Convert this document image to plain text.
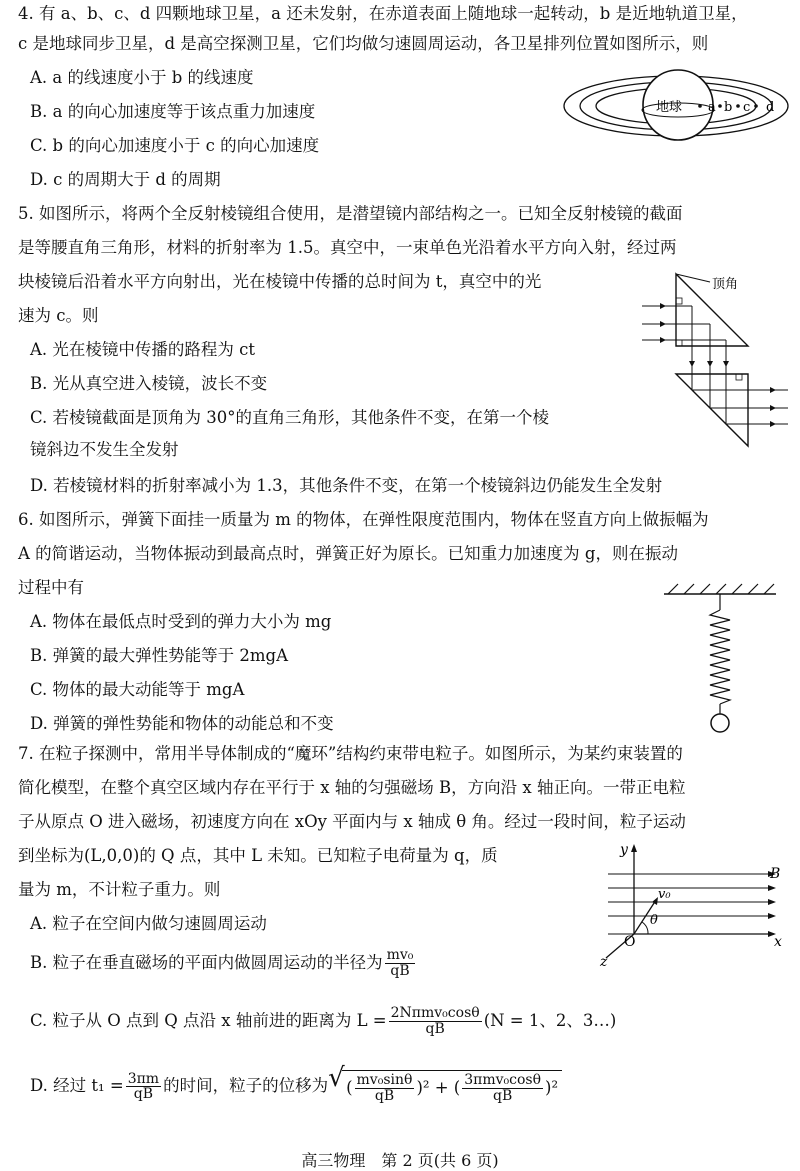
4. 有 a、b、c、d 四颗地球卫星，a 还未发射，在赤道表面上随地球一起转动，b 是近地轨道卫星，
c 是地球同步卫星，d 是高空探测卫星，它们均做匀速圆周运动，各卫星排列位置如图所示，则
A. a 的线速度小于 b 的线速度
B. a 的向心加速度等于该点重力加速度
C. b 的向心加速度小于 c 的向心加速度
D. c 的周期大于 d 的周期
地球 a b c d
5. 如图所示，将两个全反射棱镜组合使用，是潜望镜内部结构之一。已知全反射棱镜的截面
是等腰直角三角形，材料的折射率为 1.5。真空中，一束单色光沿着水平方向入射，经过两
块棱镜后沿着水平方向射出，光在棱镜中传播的总时间为 t，真空中的光
速为 c。则
A. 光在棱镜中传播的路程为 ct
B. 光从真空进入棱镜，波长不变
C. 若棱镜截面是顶角为 30°的直角三角形，其他条件不变，在第一个棱
镜斜边不发生全发射
D. 若棱镜材料的折射率减小为 1.3，其他条件不变，在第一个棱镜斜边仍能发生全发射
顶角
6. 如图所示，弹簧下面挂一质量为 m 的物体，在弹性限度范围内，物体在竖直方向上做振幅为
A 的简谐运动，当物体振动到最高点时，弹簧正好为原长。已知重力加速度为 g，则在振动
过程中有
A. 物体在最低点时受到的弹力大小为 mg
B. 弹簧的最大弹性势能等于 2mgA
C. 物体的最大动能等于 mgA
D. 弹簧的弹性势能和物体的动能总和不变
7. 在粒子探测中，常用半导体制成的“魔环”结构约束带电粒子。如图所示，为某约束装置的
简化模型，在整个真空区域内存在平行于 x 轴的匀强磁场 B，方向沿 x 轴正向。一带正电粒
子从原点 O 进入磁场，初速度方向在 xOy 平面内与 x 轴成 θ 角。经过一段时间，粒子运动
到坐标为(L,0,0)的 Q 点，其中 L 未知。已知粒子电荷量为 q，质
量为 m，不计粒子重力。则
A. 粒子在空间内做匀速圆周运动
B. 粒子在垂直磁场的平面内做圆周运动的半径为 $\frac{\text{mv₀}}{qB}$
C. 粒子从 O 点到 Q 点沿 x 轴前进的距离为 $L = \frac{\text{2Nπmv₀cosθ}}{qB} (N = 1$、2、3…)
D. 经过 $t_1 = \frac{3\pi m}{qB}$ 的时间，粒子的位移为
√ ( $\frac{\text{mv₀sinθ}}{qB} )^2$ + ( $\frac{\text{3πmv₀cosθ}}{qB} )^2$
y
x
z
O
B
v₀
θ
高三物理　第 2 页(共 6 页)
